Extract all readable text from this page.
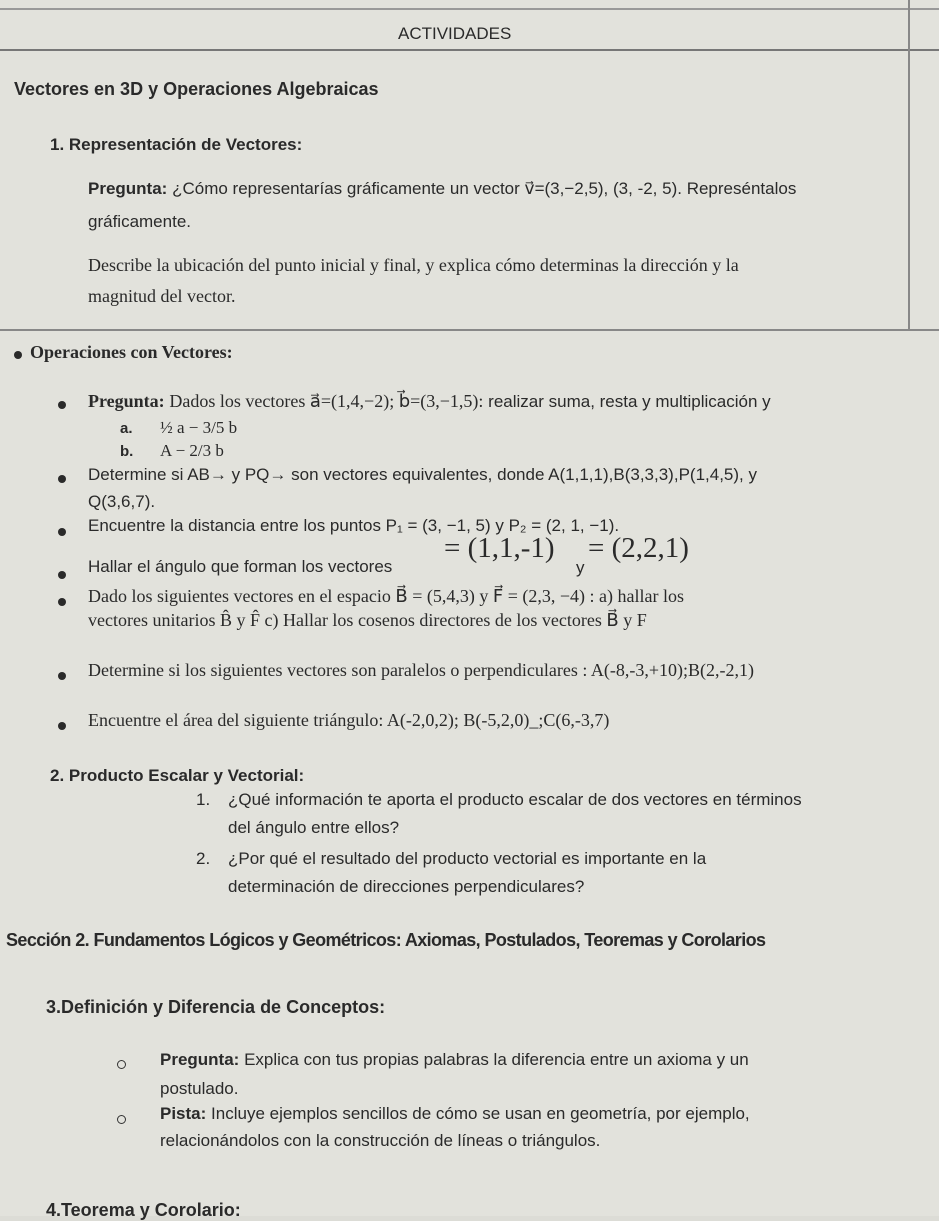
ACTIVIDADES
Vectores en 3D y Operaciones Algebraicas
1. Representación de Vectores:
Pregunta: ¿Cómo representarías gráficamente un vector v⃗=(3,−2,5), (3, -2, 5). Represéntalos
gráficamente.
Describe la ubicación del punto inicial y final, y explica cómo determinas la dirección y la
magnitud del vector.
Operaciones con Vectores:
Pregunta: Dados los vectores a⃗=(1,4,−2); b⃗=(3,−1,5): realizar suma, resta y multiplicación y
a. ½ a − 3/5 b
b. A − 2/3 b
Determine si AB→ y PQ→ son vectores equivalentes, donde A(1,1,1),B(3,3,3),P(1,4,5), y
Q(3,6,7).
Encuentre la distancia entre los puntos P₁ = (3, −1, 5) y P₂ = (2, 1, −1).
Hallar el ángulo que forman los vectores
= (1,1,-1)
y
= (2,2,1)
Dado los siguientes vectores en el espacio B⃗ = (5,4,3) y F⃗ = (2,3, −4) : a) hallar los
vectores unitarios B̂ y F̂ c) Hallar los cosenos directores de los vectores B⃗ y F
Determine si los siguientes vectores son paralelos o perpendiculares : A(-8,-3,+10);B(2,-2,1)
Encuentre el área del siguiente triángulo: A(-2,0,2); B(-5,2,0)_;C(6,-3,7)
2. Producto Escalar y Vectorial:
1. ¿Qué información te aporta el producto escalar de dos vectores en términos
del ángulo entre ellos?
2. ¿Por qué el resultado del producto vectorial es importante en la
determinación de direcciones perpendiculares?
Sección 2. Fundamentos Lógicos y Geométricos: Axiomas, Postulados, Teoremas y Corolarios
3.Definición y Diferencia de Conceptos:
Pregunta: Explica con tus propias palabras la diferencia entre un axioma y un
postulado.
Pista: Incluye ejemplos sencillos de cómo se usan en geometría, por ejemplo,
relacionándolos con la construcción de líneas o triángulos.
4.Teorema y Corolario:
